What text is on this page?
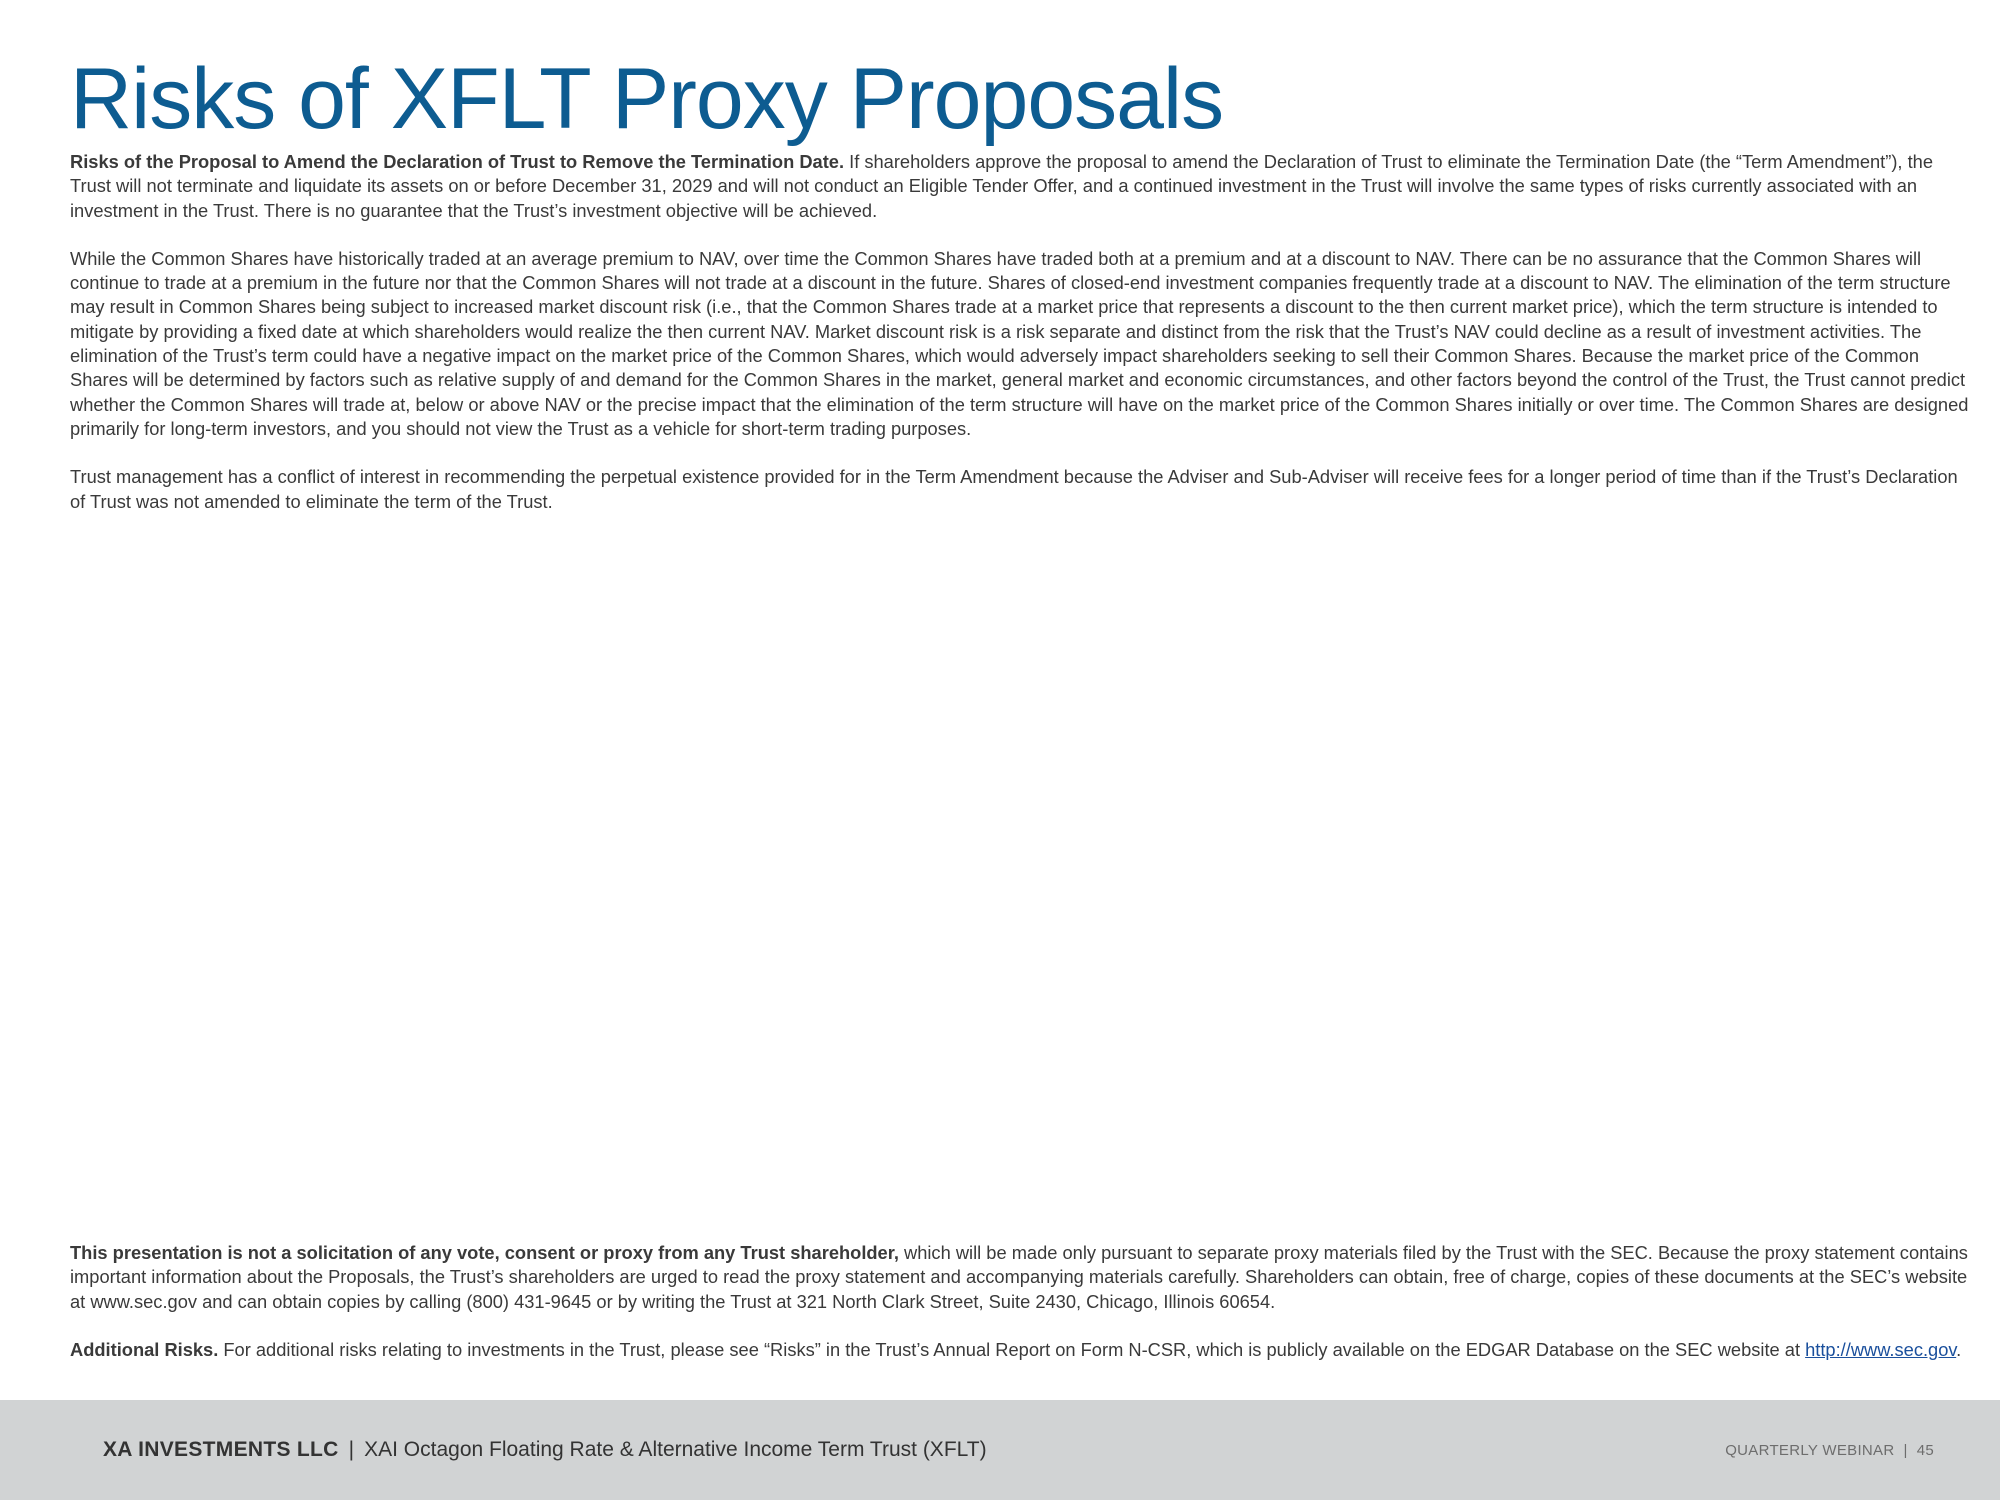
Risks of XFLT Proxy Proposals

Risks of the Proposal to Amend the Declaration of Trust to Remove the Termination Date. If shareholders approve the proposal to amend the Declaration of Trust to eliminate the Termination Date (the “Term Amendment”), the Trust will not terminate and liquidate its assets on or before December 31, 2029 and will not conduct an Eligible Tender Offer, and a continued investment in the Trust will involve the same types of risks currently associated with an investment in the Trust. There is no guarantee that the Trust’s investment objective will be achieved.

While the Common Shares have historically traded at an average premium to NAV, over time the Common Shares have traded both at a premium and at a discount to NAV. There can be no assurance that the Common Shares will continue to trade at a premium in the future nor that the Common Shares will not trade at a discount in the future. Shares of closed-end investment companies frequently trade at a discount to NAV. The elimination of the term structure may result in Common Shares being subject to increased market discount risk (i.e., that the Common Shares trade at a market price that represents a discount to the then current market price), which the term structure is intended to mitigate by providing a fixed date at which shareholders would realize the then current NAV. Market discount risk is a risk separate and distinct from the risk that the Trust’s NAV could decline as a result of investment activities. The elimination of the Trust’s term could have a negative impact on the market price of the Common Shares, which would adversely impact shareholders seeking to sell their Common Shares. Because the market price of the Common Shares will be determined by factors such as relative supply of and demand for the Common Shares in the market, general market and economic circumstances, and other factors beyond the control of the Trust, the Trust cannot predict whether the Common Shares will trade at, below or above NAV or the precise impact that the elimination of the term structure will have on the market price of the Common Shares initially or over time. The Common Shares are designed primarily for long-term investors, and you should not view the Trust as a vehicle for short-term trading purposes.

Trust management has a conflict of interest in recommending the perpetual existence provided for in the Term Amendment because the Adviser and Sub-Adviser will receive fees for a longer period of time than if the Trust’s Declaration of Trust was not amended to eliminate the term of the Trust.

This presentation is not a solicitation of any vote, consent or proxy from any Trust shareholder, which will be made only pursuant to separate proxy materials filed by the Trust with the SEC. Because the proxy statement contains important information about the Proposals, the Trust’s shareholders are urged to read the proxy statement and accompanying materials carefully. Shareholders can obtain, free of charge, copies of these documents at the SEC’s website at www.sec.gov and can obtain copies by calling (800) 431-9645 or by writing the Trust at 321 North Clark Street, Suite 2430, Chicago, Illinois 60654.

Additional Risks. For additional risks relating to investments in the Trust, please see “Risks” in the Trust’s Annual Report on Form N-CSR, which is publicly available on the EDGAR Database on the SEC website at http://www.sec.gov.

XA INVESTMENTS LLC | XAI Octagon Floating Rate & Alternative Income Term Trust (XFLT)	QUARTERLY WEBINAR | 45
